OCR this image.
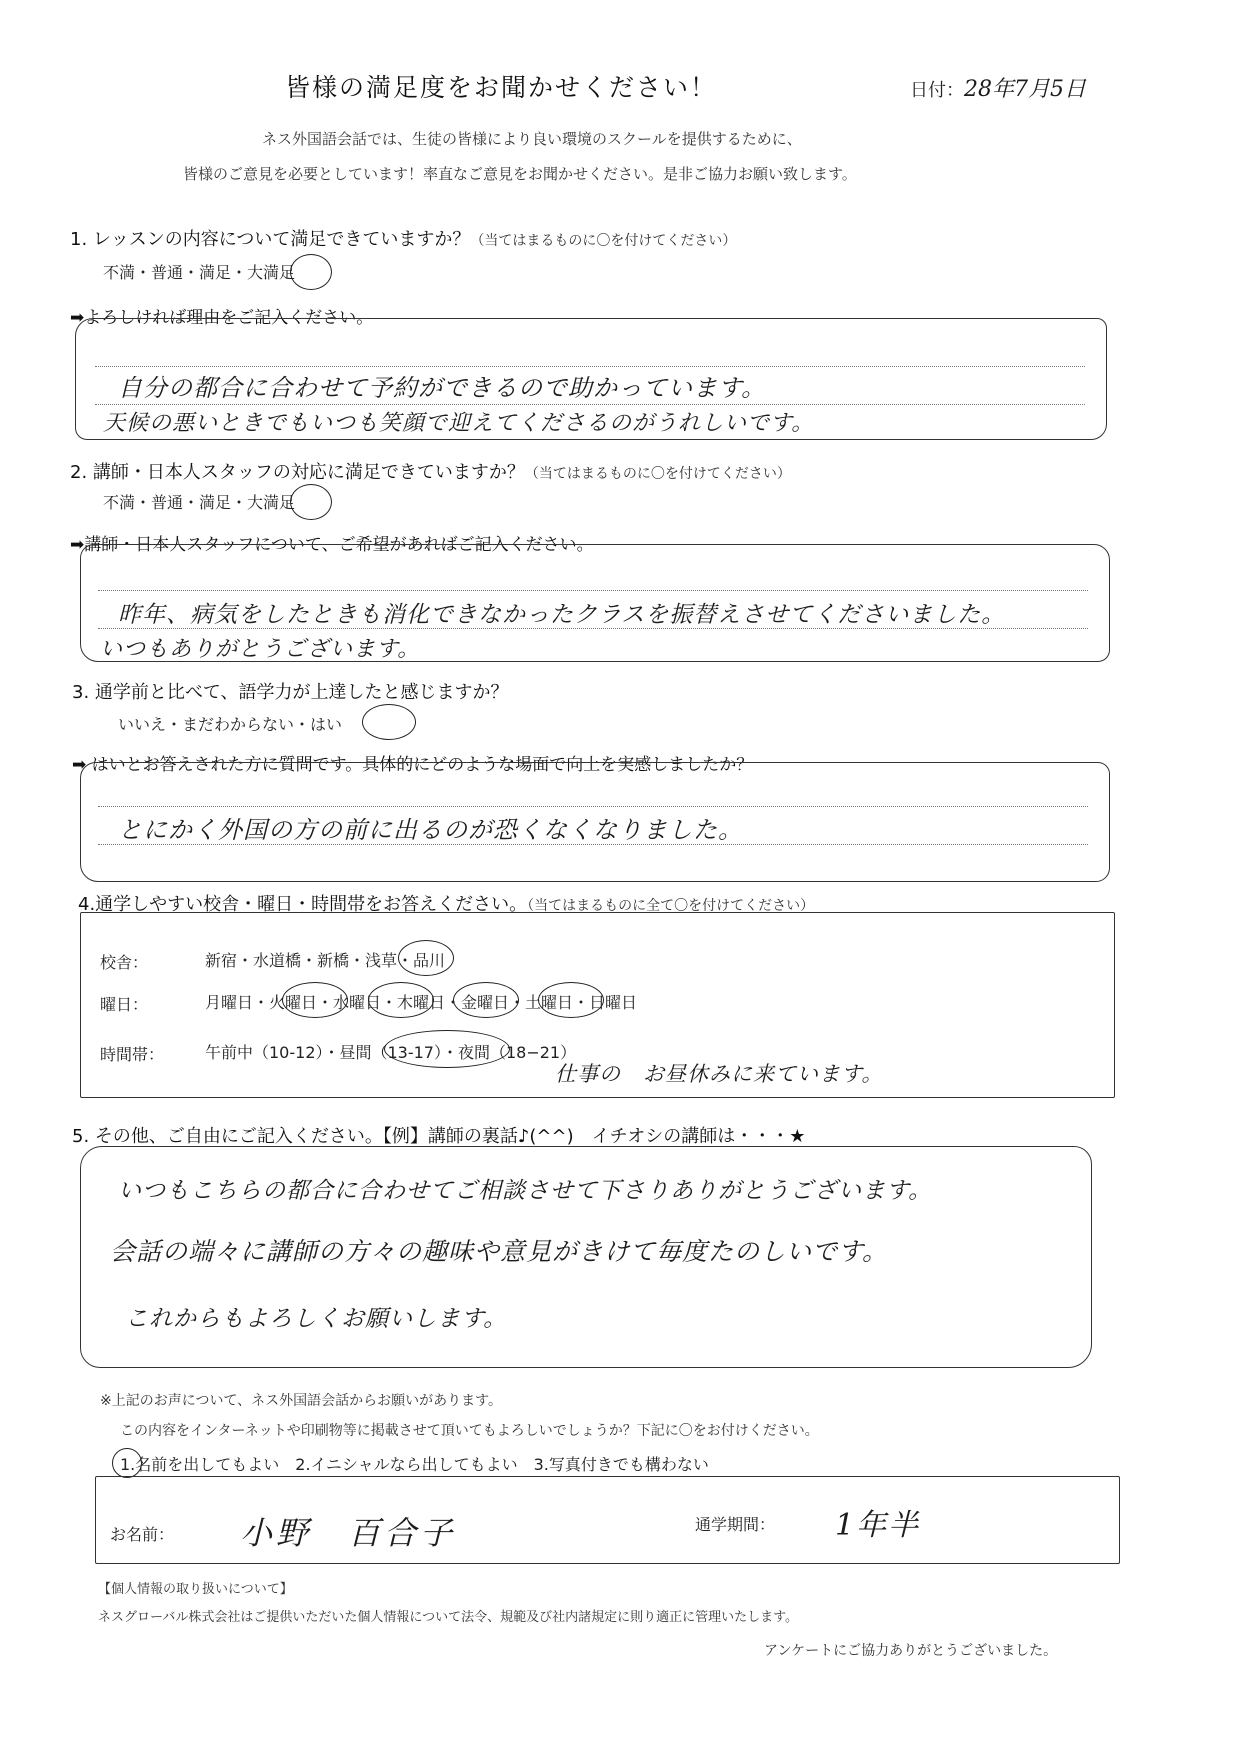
皆様の満足度をお聞かせください！	日付：28年7月5日
ネス外国語会話では、生徒の皆様により良い環境のスクールを提供するために、
皆様のご意見を必要としています！率直なご意見をお聞かせください。是非ご協力お願い致します。
1. レッスンの内容について満足できていますか？（当てはまるものに〇を付けてください）
不満・普通・満足・大満足
➡よろしければ理由をご記入ください。
自分の都合に合わせて予約ができるので助かっています。
天候の悪いときでもいつも笑顔で迎えてくださるのがうれしいです。
2. 講師・日本人スタッフの対応に満足できていますか？（当てはまるものに〇を付けてください）
不満・普通・満足・大満足
➡講師・日本人スタッフについて、ご希望があればご記入ください。
昨年、病気をしたときも消化できなかったクラスを振替えさせてくださいました。
いつもありがとうございます。
3. 通学前と比べて、語学力が上達したと感じますか？
いいえ・まだわからない・はい
➡ はいとお答えされた方に質問です。具体的にどのような場面で向上を実感しましたか？
とにかく外国の方の前に出るのが恐くなくなりました。
4.通学しやすい校舎・曜日・時間帯をお答えください。（当てはまるものに全て〇を付けてください）
校舎：	新宿・水道橋・新橋・浅草・品川
曜日：	月曜日・火曜日・水曜日・木曜日・金曜日・土曜日・日曜日
時間帯：	午前中（10-12）・昼間（13-17）・夜間（18−21）
仕事の　お昼休みに来ています。
5. その他、ご自由にご記入ください。【例】講師の裏話♪(^^)　イチオシの講師は・・・★
いつもこちらの都合に合わせてご相談させて下さりありがとうございます。
会話の端々に講師の方々の趣味や意見がきけて毎度たのしいです。
これからもよろしくお願いします。
※上記のお声について、ネス外国語会話からお願いがあります。
この内容をインターネットや印刷物等に掲載させて頂いてもよろしいでしょうか？下記に〇をお付けください。
1.名前を出してもよい　2.イニシャルなら出してもよい　3.写真付きでも構わない
お名前： 小野　百合子	通学期間： 1年半
【個人情報の取り扱いについて】
ネスグローバル株式会社はご提供いただいた個人情報について法令、規範及び社内諸規定に則り適正に管理いたします。
アンケートにご協力ありがとうございました。
